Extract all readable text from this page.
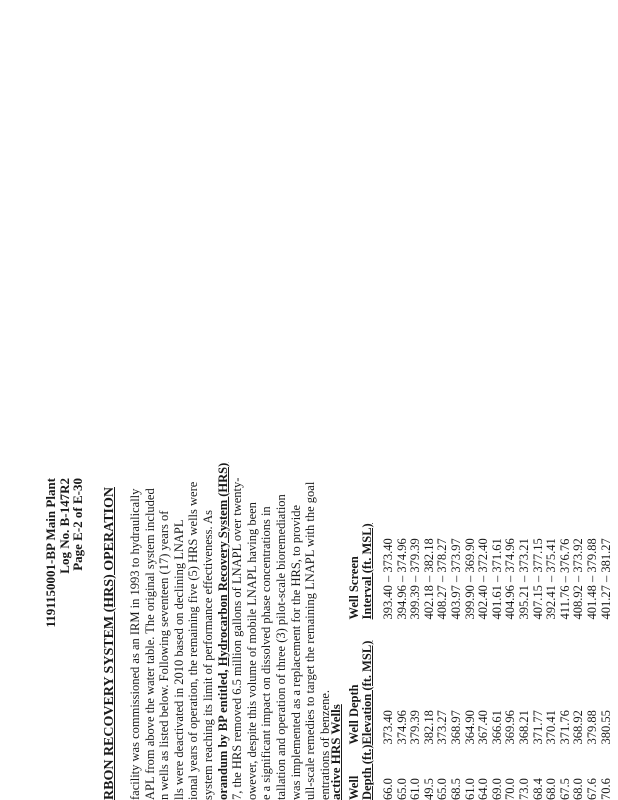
1191150001-BP Main Plant
Log No. B-147R2
Page E-2 of E-30 RBON RECOVERY SYSTEM (HRS) OPERATION facility was commissioned as an IRM in 1993 to hydraulically APL from above the water table. The original system included n wells as listed below. Following seventeen (17) years of lls were deactivated in 2010 based on declining LNAPL ional years of operation, the remaining five (5) HRS wells were system reaching its limit of performance effectiveness. As orandum by BP entitled, Hydrocarbon Recovery System (HRS) 7, the HRS removed 6.5 million gallons of LNAPL over twenty- owever, despite this volume of mobile LNAPL having been e a significant impact on dissolved phase concentrations in tallation and operation of three (3) pilot-scale bioremediation was implemented as a replacement for the HRS, to provide ull-scale remedies to target the remaining LNAPL with the goal entrations of benzene.
active HRS Wells Well Depth (ft.)	Well Depth Elevation (ft. MSL)	Well Screen Interval (ft. MSL)

66.0	373.40	393.40 – 373.40
65.0	374.96	394.96 – 374.96
61.0	379.39	399.39 – 379.39
49.5	382.18	402.18 – 382.18
65.0	373.27	408.27 – 378.27
68.5	368.97	403.97 – 373.97
61.0	364.90	399.90 – 369.90
64.0	367.40	402.40 – 372.40
69.0	366.61	401.61 – 371.61
70.0	369.96	404.96 – 374.96
73.0	368.21	395.21 – 373.21
68.4	371.77	407.15 – 377.15
68.0	370.41	392.41 – 375.41
67.5	371.76	411.76 – 376.76
68.0	368.92	408.92 – 373.92
67.6	379.88	401.48 – 379.88
70.6	380.55	401.27 – 381.27
